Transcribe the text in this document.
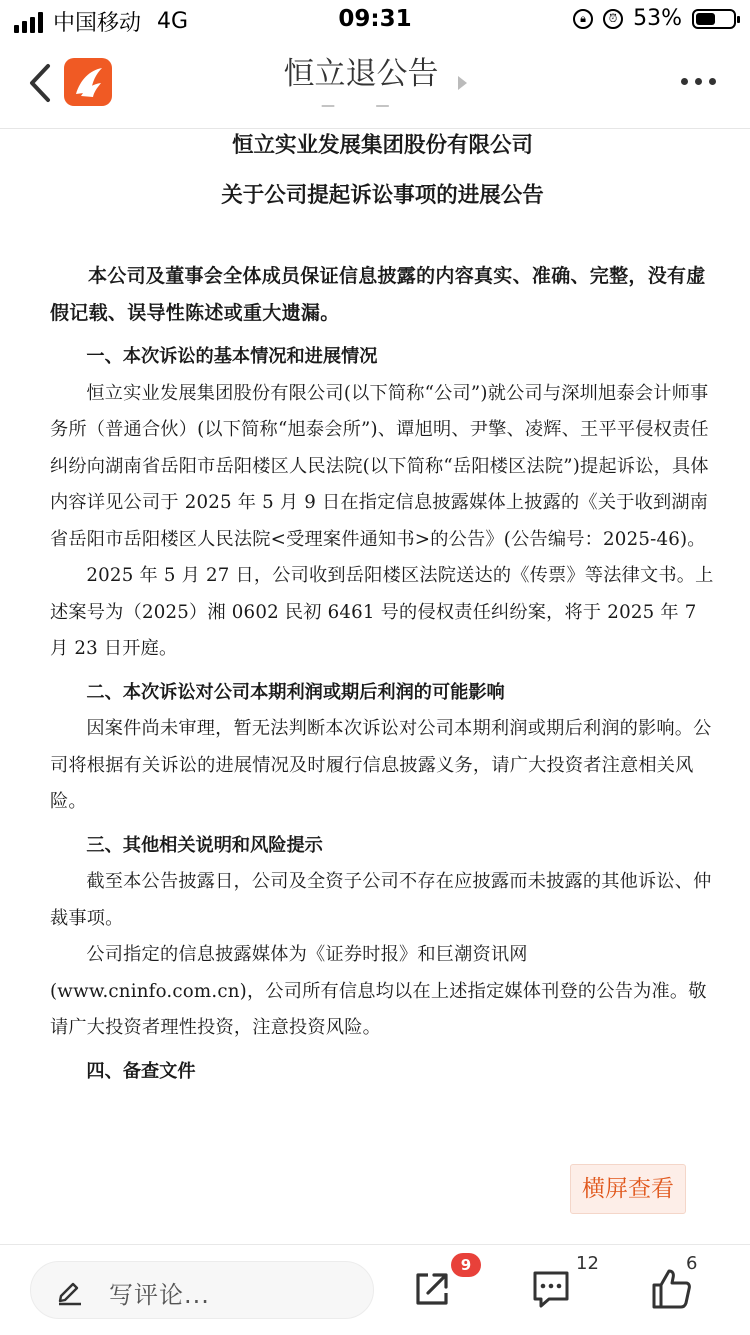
中国移动 4G	09:31	🔒︎	⏰︎ 53%
恒立退公告
— —
恒立实业发展集团股份有限公司
关于公司提起诉讼事项的进展公告
本公司及董事会全体成员保证信息披露的内容真实、准确、完整，没有虚假记载、误导性陈述或重大遗漏。
一、本次诉讼的基本情况和进展情况
恒立实业发展集团股份有限公司(以下简称“公司”)就公司与深圳旭泰会计师事务所（普通合伙）(以下简称“旭泰会所”)、谭旭明、尹擎、凌辉、王平平侵权责任纠纷向湖南省岳阳市岳阳楼区人民法院(以下简称“岳阳楼区法院”)提起诉讼，具体内容详见公司于 2025 年 5 月 9 日在指定信息披露媒体上披露的《关于收到湖南省岳阳市岳阳楼区人民法院<受理案件通知书>的公告》(公告编号：2025-46)。
2025 年 5 月 27 日，公司收到岳阳楼区法院送达的《传票》等法律文书。上述案号为（2025）湘 0602 民初 6461 号的侵权责任纠纷案，将于 2025 年 7 月 23 日开庭。
二、本次诉讼对公司本期利润或期后利润的可能影响
因案件尚未审理，暂无法判断本次诉讼对公司本期利润或期后利润的影响。公司将根据有关诉讼的进展情况及时履行信息披露义务，请广大投资者注意相关风险。
三、其他相关说明和风险提示
截至本公告披露日，公司及全资子公司不存在应披露而未披露的其他诉讼、仲裁事项。
公司指定的信息披露媒体为《证券时报》和巨潮资讯网(www.cninfo.com.cn)，公司所有信息均以在上述指定媒体刊登的公告为准。敬请广大投资者理性投资，注意投资风险。
四、备查文件
横屏查看
写评论...
9	12	6
